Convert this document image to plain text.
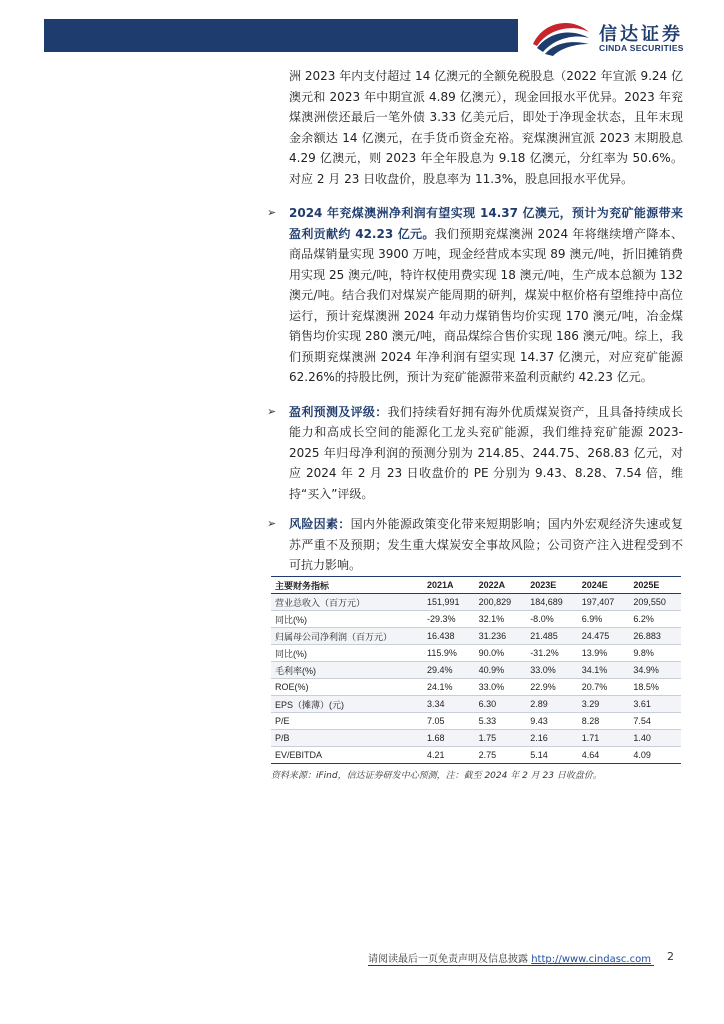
信达证券
CINDA SECURITIES

洲 2023 年内支付超过 14 亿澳元的全额免税股息（2022 年宣派 9.24 亿澳元和 2023 年中期宣派 4.89 亿澳元），现金回报水平优异。2023 年兖煤澳洲偿还最后一笔外债 3.33 亿美元后，即处于净现金状态，且年末现金余额达 14 亿澳元，在手货币资金充裕。兖煤澳洲宣派 2023 末期股息 4.29 亿澳元，则 2023 年全年股息为 9.18 亿澳元，分红率为 50.6%。对应 2 月 23 日收盘价，股息率为 11.3%，股息回报水平优异。

➢ 2024 年兖煤澳洲净利润有望实现 14.37 亿澳元，预计为兖矿能源带来盈利贡献约 42.23 亿元。我们预期兖煤澳洲 2024 年将继续增产降本、商品煤销量实现 3900 万吨，现金经营成本实现 89 澳元/吨，折旧摊销费用实现 25 澳元/吨，特许权使用费实现 18 澳元/吨，生产成本总额为 132 澳元/吨。结合我们对煤炭产能周期的研判，煤炭中枢价格有望维持中高位运行，预计兖煤澳洲 2024 年动力煤销售均价实现 170 澳元/吨，冶金煤销售均价实现 280 澳元/吨，商品煤综合售价实现 186 澳元/吨。综上，我们预期兖煤澳洲 2024 年净利润有望实现 14.37 亿澳元，对应兖矿能源 62.26%的持股比例，预计为兖矿能源带来盈利贡献约 42.23 亿元。

➢ 盈利预测及评级：我们持续看好拥有海外优质煤炭资产，且具备持续成长能力和高成长空间的能源化工龙头兖矿能源，我们维持兖矿能源 2023-2025 年归母净利润的预测分别为 214.85、244.75、268.83 亿元，对应 2024 年 2 月 23 日收盘价的 PE 分别为 9.43、8.28、7.54 倍，维持“买入”评级。

➢ 风险因素：国内外能源政策变化带来短期影响；国内外宏观经济失速或复苏严重不及预期；发生重大煤炭安全事故风险；公司资产注入进程受到不可抗力影响。

主要财务指标	2021A	2022A	2023E	2024E	2025E
营业总收入（百万元）	151,991	200,829	184,689	197,407	209,550
同比(%)	-29.3%	32.1%	-8.0%	6.9%	6.2%
归属母公司净利润（百万元）	16.438	31.236	21.485	24.475	26.883
同比(%)	115.9%	90.0%	-31.2%	13.9%	9.8%
毛利率(%)	29.4%	40.9%	33.0%	34.1%	34.9%
ROE(%)	24.1%	33.0%	22.9%	20.7%	18.5%
EPS（摊薄）(元)	3.34	6.30	2.89	3.29	3.61
P/E	7.05	5.33	9.43	8.28	7.54
P/B	1.68	1.75	2.16	1.71	1.40
EV/EBITDA	4.21	2.75	5.14	4.64	4.09
资料来源：iFind，信达证券研发中心预测，注：截至 2024 年 2 月 23 日收盘价。
请阅读最后一页免责声明及信息披露 http://www.cindasc.com 2
